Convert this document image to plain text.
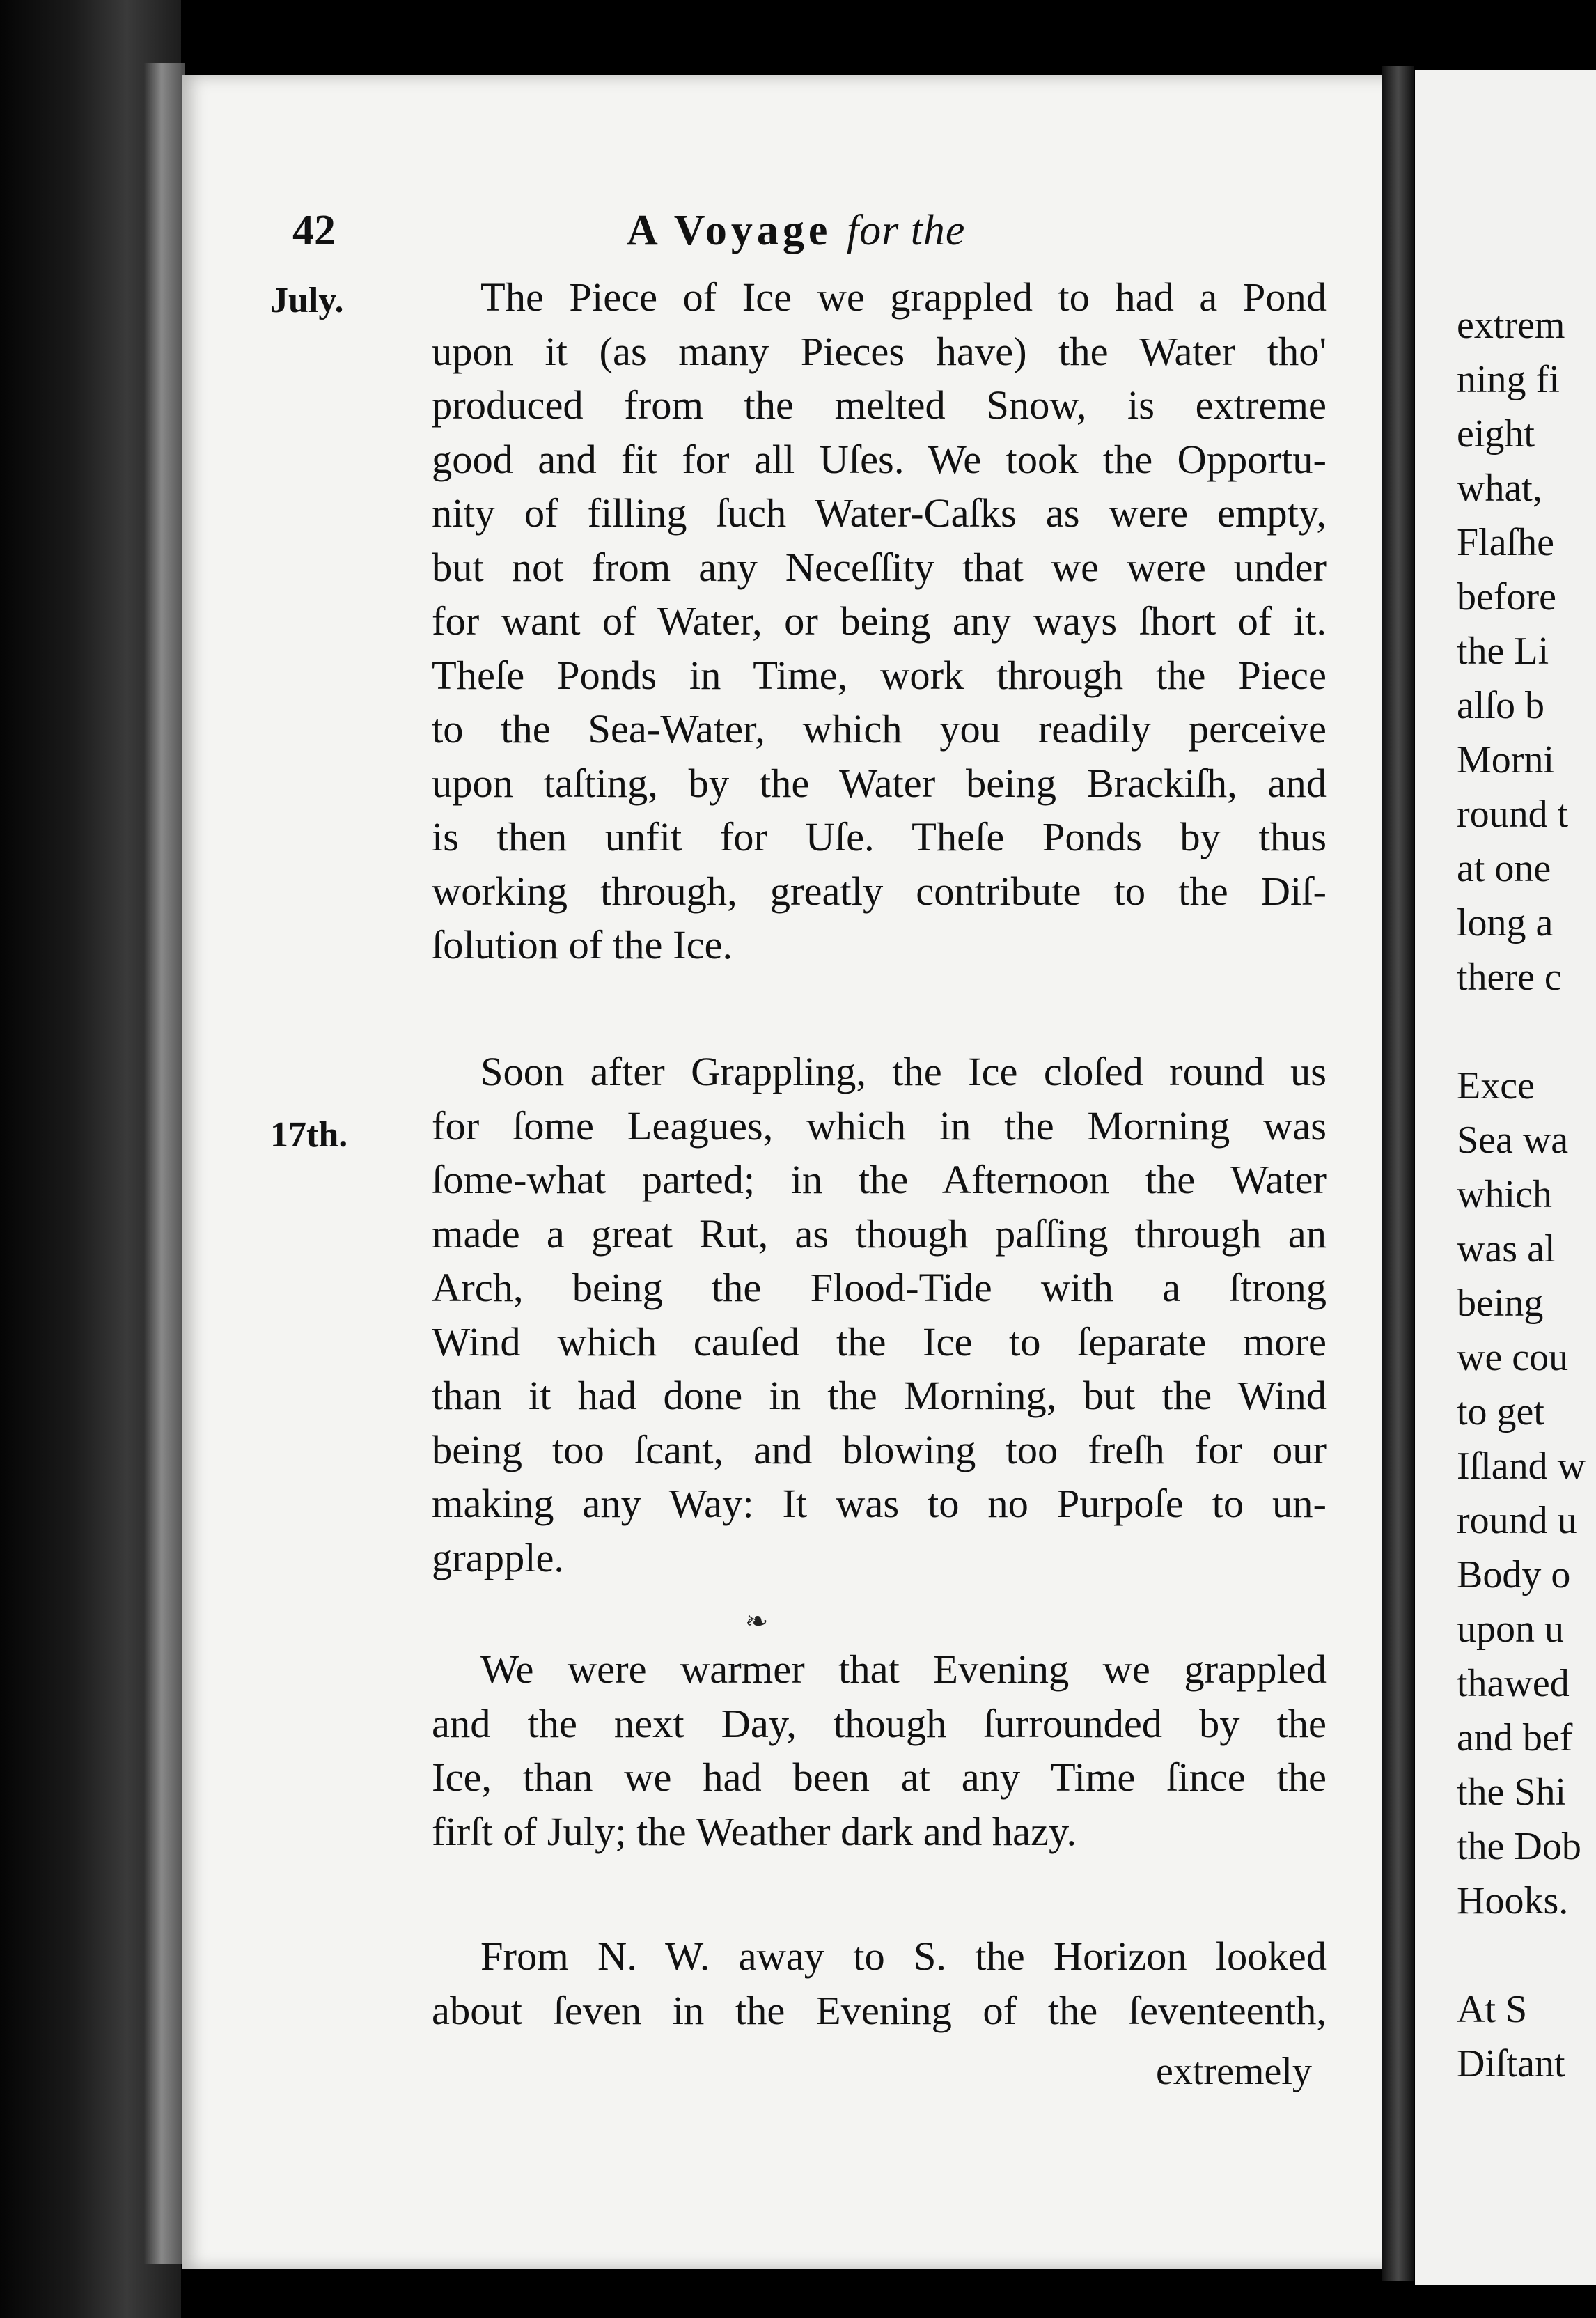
42	A Voyage for the
July.
17th.
The Piece of Ice we grappled to had a Pond
upon it (as many Pieces have) the Water tho'
produced from the melted Snow, is extreme
good and fit for all Uſes. We took the Opportu-
nity of filling ſuch Water-Caſks as were empty,
but not from any Neceſſity that we were under
for want of Water, or being any ways ſhort of it.
Theſe Ponds in Time, work through the Piece
to the Sea-Water, which you readily perceive
upon taſting, by the Water being Brackiſh, and
is then unfit for Uſe. Theſe Ponds by thus
working through, greatly contribute to the Diſ-
ſolution of the Ice.
Soon after Grappling, the Ice cloſed round us
for ſome Leagues, which in the Morning was
ſome-what parted; in the Afternoon the Water
made a great Rut, as though paſſing through an
Arch, being the Flood-Tide with a ſtrong
Wind which cauſed the Ice to ſeparate more
than it had done in the Morning, but the Wind
being too ſcant, and blowing too freſh for our
making any Way: It was to no Purpoſe to un-
grapple.
❧
We were warmer that Evening we grappled
and the next Day, though ſurrounded by the
Ice, than we had been at any Time ſince the
firſt of July; the Weather dark and hazy.
From N. W. away to S. the Horizon looked
about ſeven in the Evening of the ſeventeenth,
extremely
extrem
ning fi
eight
what,
Flaſhe
before
the Li
alſo b
Morni
round t
at one
long a
there c

Exce
Sea wa
which
was al
being
we cou
to get
Iſland w
round u
Body o
upon u
thawed
and bef
the Shi
the Dob
Hooks.

At S
Diſtant
